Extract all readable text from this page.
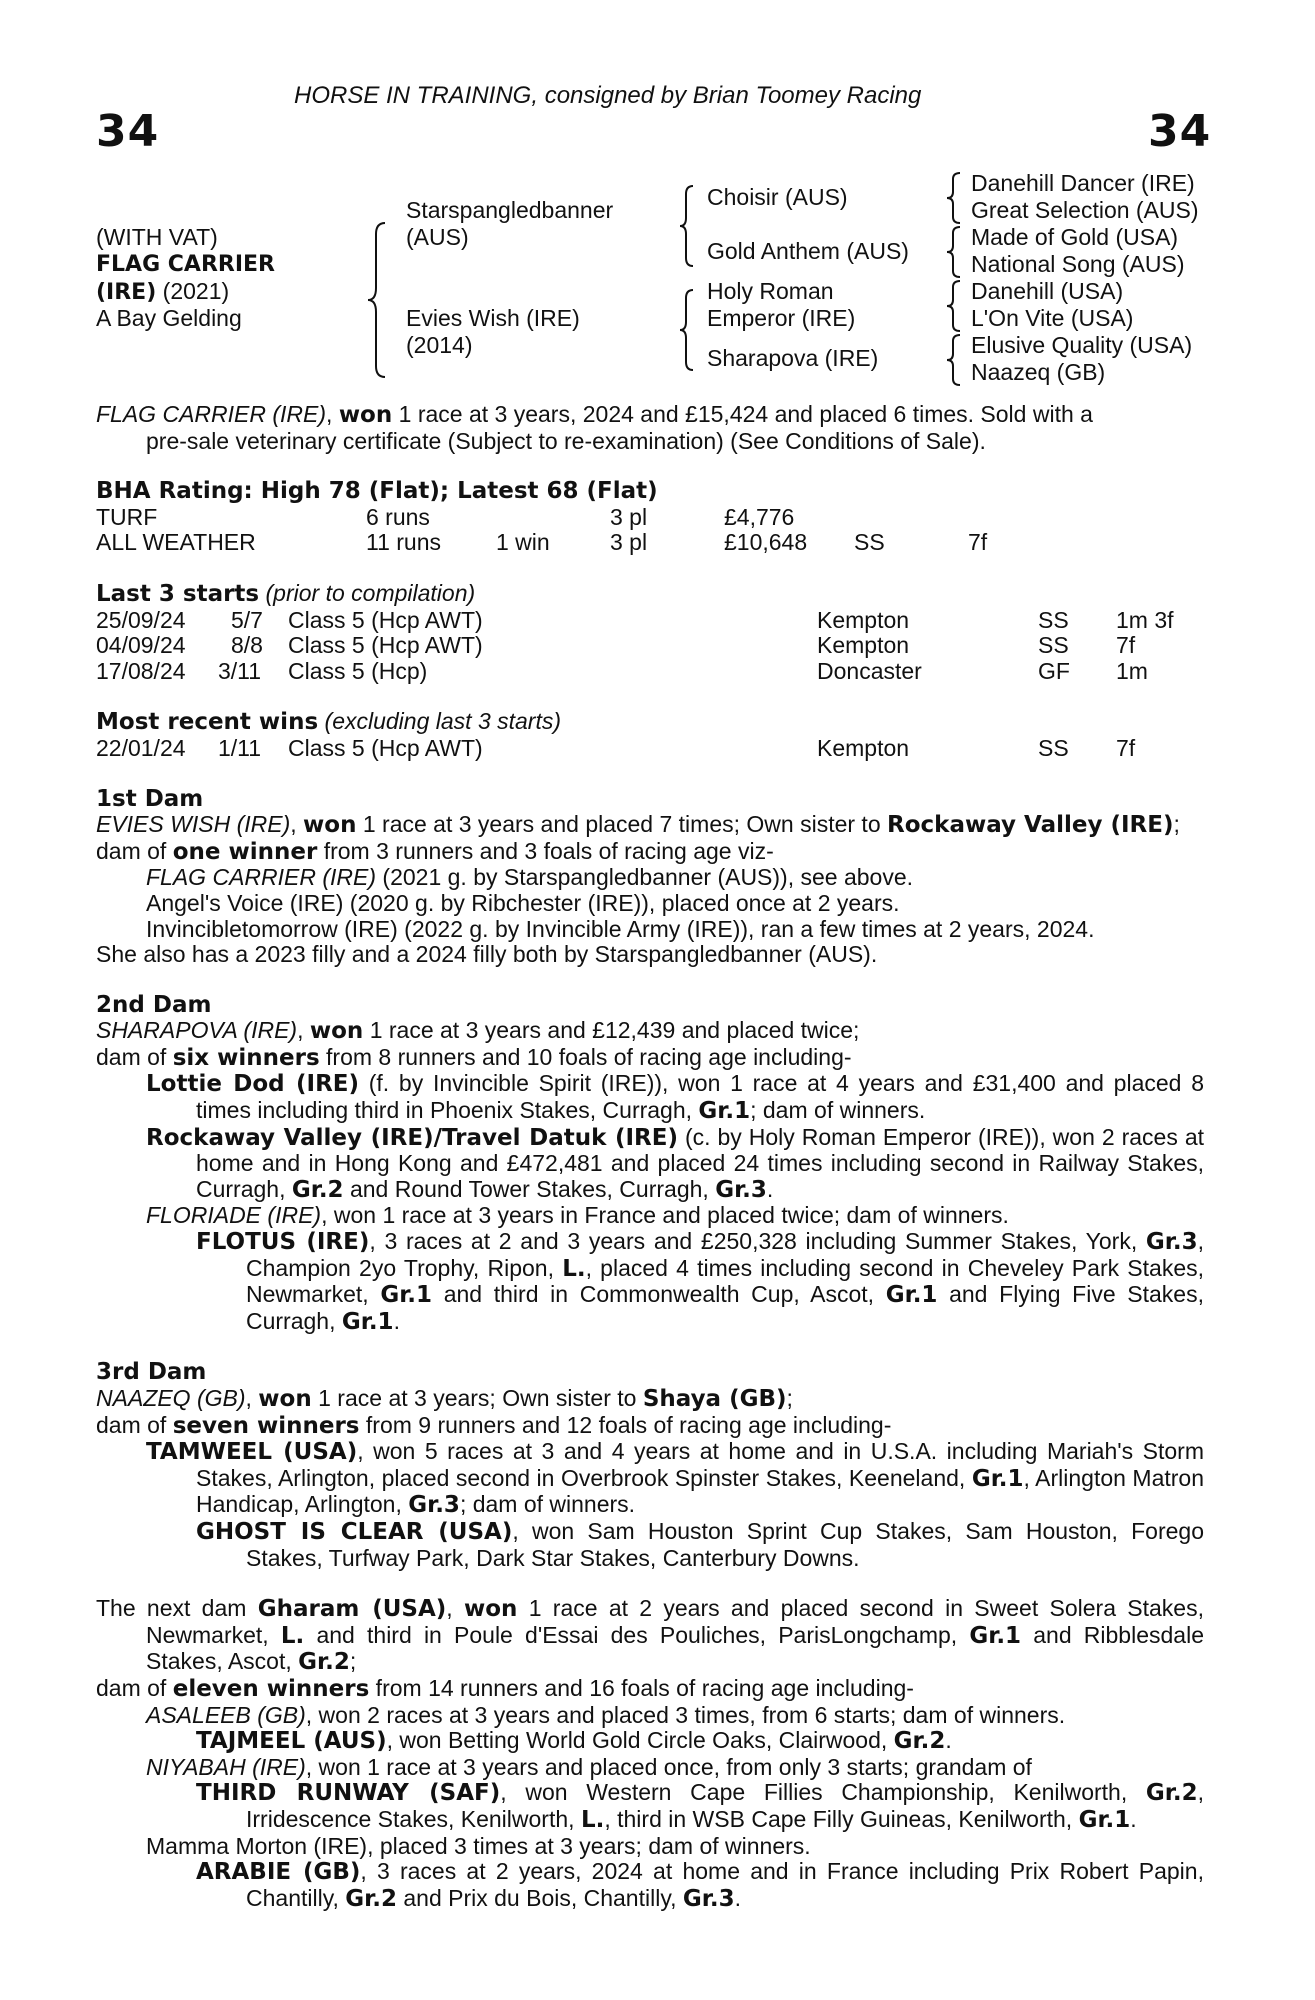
HORSE IN TRAINING, consigned by Brian Toomey Racing
34	34
(WITH VAT)
FLAG CARRIER
(IRE) (2021)
A Bay Gelding
Starspangledbanner
(AUS)
Evies Wish (IRE)
(2014)
Choisir (AUS)
Gold Anthem (AUS)
Holy Roman
Emperor (IRE)
Sharapova (IRE)
Danehill Dancer (IRE)
Great Selection (AUS)
Made of Gold (USA)
National Song (AUS)
Danehill (USA)
L'On Vite (USA)
Elusive Quality (USA)
Naazeq (GB)

FLAG CARRIER (IRE), won 1 race at 3 years, 2024 and £15,424 and placed 6 times. Sold with a
pre-sale veterinary certificate (Subject to re-examination) (See Conditions of Sale).

BHA Rating: High 78 (Flat); Latest 68 (Flat)

TURF	6 runs	3 pl	£4,776
ALL WEATHER	11 runs 1 win	3 pl	£10,648 SS	7f

Last 3 starts (prior to compilation)

25/09/24 5/7 Class 5 (Hcp AWT)	Kempton	SS 1m 3f
04/09/24 8/8 Class 5 (Hcp AWT)	Kempton	SS 7f
17/08/24 3/11 Class 5 (Hcp)	Doncaster	GF 1m

Most recent wins (excluding last 3 starts)

22/01/24 1/11 Class 5 (Hcp AWT)	Kempton	SS 7f

1st Dam

EVIES WISH (IRE), won 1 race at 3 years and placed 7 times; Own sister to Rockaway Valley (IRE);

dam of one winner from 3 runners and 3 foals of racing age viz-

FLAG CARRIER (IRE) (2021 g. by Starspangledbanner (AUS)), see above.

Angel's Voice (IRE) (2020 g. by Ribchester (IRE)), placed once at 2 years.

Invincibletomorrow (IRE) (2022 g. by Invincible Army (IRE)), ran a few times at 2 years, 2024.

She also has a 2023 filly and a 2024 filly both by Starspangledbanner (AUS).

2nd Dam

SHARAPOVA (IRE), won 1 race at 3 years and £12,439 and placed twice;

dam of six winners from 8 runners and 10 foals of racing age including-

Lottie Dod (IRE) (f. by Invincible Spirit (IRE)), won 1 race at 4 years and £31,400 and placed 8 times including third in Phoenix Stakes, Curragh, Gr.1; dam of winners.

Rockaway Valley (IRE)/Travel Datuk (IRE) (c. by Holy Roman Emperor (IRE)), won 2 races at home and in Hong Kong and £472,481 and placed 24 times including second in Railway Stakes, Curragh, Gr.2 and Round Tower Stakes, Curragh, Gr.3.

FLORIADE (IRE), won 1 race at 3 years in France and placed twice; dam of winners.

FLOTUS (IRE), 3 races at 2 and 3 years and £250,328 including Summer Stakes, York, Gr.3, Champion 2yo Trophy, Ripon, L., placed 4 times including second in Cheveley Park Stakes, Newmarket, Gr.1 and third in Commonwealth Cup, Ascot, Gr.1 and Flying Five Stakes, Curragh, Gr.1.

3rd Dam

NAAZEQ (GB), won 1 race at 3 years; Own sister to Shaya (GB);

dam of seven winners from 9 runners and 12 foals of racing age including-

TAMWEEL (USA), won 5 races at 3 and 4 years at home and in U.S.A. including Mariah's Storm Stakes, Arlington, placed second in Overbrook Spinster Stakes, Keeneland, Gr.1, Arlington Matron Handicap, Arlington, Gr.3; dam of winners.

GHOST IS CLEAR (USA), won Sam Houston Sprint Cup Stakes, Sam Houston, Forego Stakes, Turfway Park, Dark Star Stakes, Canterbury Downs.

The next dam Gharam (USA), won 1 race at 2 years and placed second in Sweet Solera Stakes, Newmarket, L. and third in Poule d'Essai des Pouliches, ParisLongchamp, Gr.1 and Ribblesdale Stakes, Ascot, Gr.2;

dam of eleven winners from 14 runners and 16 foals of racing age including-

ASALEEB (GB), won 2 races at 3 years and placed 3 times, from 6 starts; dam of winners.

TAJMEEL (AUS), won Betting World Gold Circle Oaks, Clairwood, Gr.2.

NIYABAH (IRE), won 1 race at 3 years and placed once, from only 3 starts; grandam of

THIRD RUNWAY (SAF), won Western Cape Fillies Championship, Kenilworth, Gr.2, Irridescence Stakes, Kenilworth, L., third in WSB Cape Filly Guineas, Kenilworth, Gr.1.

Mamma Morton (IRE), placed 3 times at 3 years; dam of winners.

ARABIE (GB), 3 races at 2 years, 2024 at home and in France including Prix Robert Papin, Chantilly, Gr.2 and Prix du Bois, Chantilly, Gr.3.
